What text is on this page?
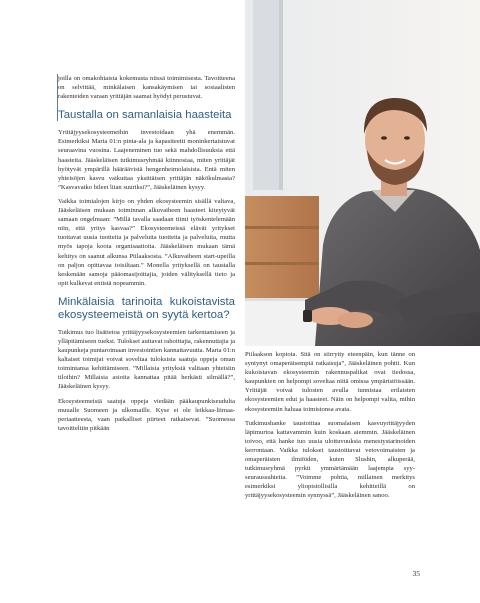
joilla on omakohtaista kokemusta niissä toimimisesta. Tavoitteena on selvittää, minkälaisen kansakäymisen tai sosiaalisten rakenteiden varaan yrittäjän saamat hyödyt perustuvat.

Taustalla on samanlaisia haasteita

Yrittäjyysekosysteemeihin investoidaan yhä enemmän. Esimerkiksi Maria 01:n pinta-ala ja kapasiteetti moninkertaistuvat seuraavina vuosina. Laajeneminen tuo sekä mahdollisuuksia että haasteita. Jääskeläisen tutkimusryhmää kiinnostaa, miten yrittäjät hyötyvät ympärillä hääräävistä hengenheimolaisista. Entä miten yhteisöjen kasvu vaikuttaa yksittäisen yrittäjän näkökulmasta? ”Kasvavatko bileet liian suuriksi?”, Jääskeläinen kysyy.

Vaikka toimialojen kirjo on yhden ekosysteemin sisällä valtava, Jääskeläisen mukaan toiminnan alkuvaiheen haasteet kiteytyvät samaan ongelmaan: ”Millä tavalla saadaan tiimi työskentelemään niin, että yritys kasvaa?” Ekosysteemeissä elävät yritykset tuottavat uusia tuotteita ja palveluita tuotteita ja palveluita, mutta myös tapoja koota organisaatioita. Jääskeläisen mukaan tämä kehitys on saanut alkunsa Piilaaksosta. ”Alkuvaiheen start-upeilla on paljon opittavaa toisiltaan.” Monella yrityksellä on taustalla keskenään samoja pääomasijoittajia, joiden välityksellä tieto ja opit kulkevat entistä nopeammin.

Minkälaisia tarinoita kukoistavista ekosysteemeistä on syytä kertoa?

Tutkimus tuo lisätietoa yrittäjyysekosysteemien tarkentamiseen ja ylläpitämiseen tueksi. Tulokset auttavat rahoittajia, rakennuttajia ja kaupunkeja puntaroimaan investointien kannattavuutta. Maria 01:n kaltaiset toimijat voivat soveltaa tuloksista saatuja oppeja oman toimintansa kehittämiseen. ”Millaisia yrityksiä valitaan yhteisiin tiloihin? Millaisia asioita kannattaa pitää herkästi silmällä?”, Jääskeläinen kysyy.

Ekosysteemeistä saatuja oppeja viedään pääkaupunkiseudulta muualle Suomeen ja ulkomaille. Kyse ei ole leikkaa-liimaa-periaatteesta, vaan paikalliset piirteet ratkaisevat. ”Suomessa tavoitteltiin pitkään

Piilaakson kopiota. Sitä on siirrytty eteenpäin, kun tänne on syntynyt omaperäisempiä ratkaisuja”, Jääskeläinen pohtii. Kun kukoistavan ekosysteemin rakennuspalikat ovat tiedossa, kaupunkien on helpompi soveltaa niitä omissa ympäristöissään. Yrittäjät voivat tulosten avulla tunnistaa erilaisten ekosysteemien edut ja haasteet. Näin on helpompi valita, mihin ekosysteemiin haluaa toimistonsa avata.

Tutkimushanke taustoittaa suomalaisen kasvuyrittäjyyden läpimurtoa kattavammin kuin koskaan aiemmin. Jääskeläinen toivoo, että hanke tuo uusia ulottuvuuksia menestystarinoiden kerrontaan. Vaikka tulokset taustoittavat vetovoimaisten ja omaperäisten ilmiöiden, kuten Slushin, alkuperää, tutkimusryhmä pyrkii ymmärtämään laajempia syy-seuraussuhteita. ”Voimme pohtia, millainen merkitys esimerkiksi yliopistollisilla kehitteillä on yrittäjyysekosysteemin synnyssä”, Jääskeläinen sanoo.

35
